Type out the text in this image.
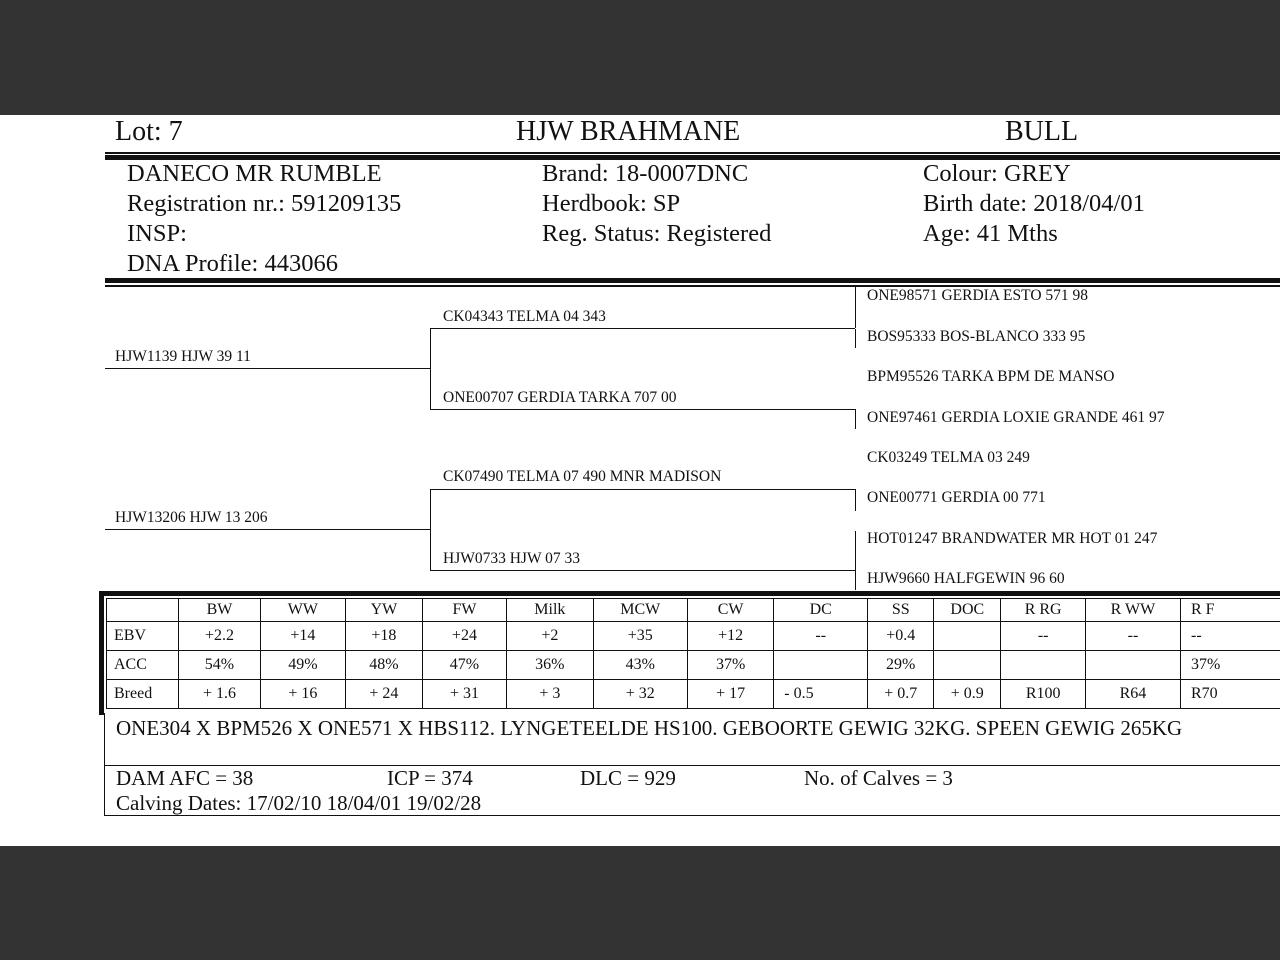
Lot: 7	HJW BRAHMANE	BULL
DANECO MR RUMBLE
Registration nr.: 591209135
INSP:
DNA Profile: 443066
Brand: 18-0007DNC
Herdbook: SP
Reg. Status: Registered
Colour: GREY
Birth date: 2018/04/01
Age: 41 Mths
HJW1139 HJW 39 11
HJW13206 HJW 13 206
CK04343 TELMA 04 343
ONE00707 GERDIA TARKA 707 00
CK07490 TELMA 07 490 MNR MADISON
HJW0733 HJW 07 33
ONE98571 GERDIA ESTO 571 98
BOS95333 BOS-BLANCO 333 95
BPM95526 TARKA BPM DE MANSO
ONE97461 GERDIA LOXIE GRANDE 461 97
CK03249 TELMA 03 249
ONE00771 GERDIA 00 771
HOT01247 BRANDWATER MR HOT 01 247
HJW9660 HALFGEWIN 96 60
	BW	WW	YW	FW	Milk	MCW	CW	DC	SS	DOC	R RG	R WW	R F
EBV	+2.2	+14	+18	+24	+2	+35	+12	--	+0.4		--	--	--
ACC	54%	49%	48%	47%	36%	43%	37%		29%				37%
Breed	+ 1.6	+ 16	+ 24	+ 31	+ 3	+ 32	+ 17	- 0.5	+ 0.7	+ 0.9	R100	R64	R70
ONE304 X BPM526 X ONE571 X HBS112. LYNGETEELDE HS100. GEBOORTE GEWIG 32KG. SPEEN GEWIG 265KG
DAM AFC = 38	ICP = 374	DLC = 929	No. of Calves = 3
Calving Dates: 17/02/10 18/04/01 19/02/28
